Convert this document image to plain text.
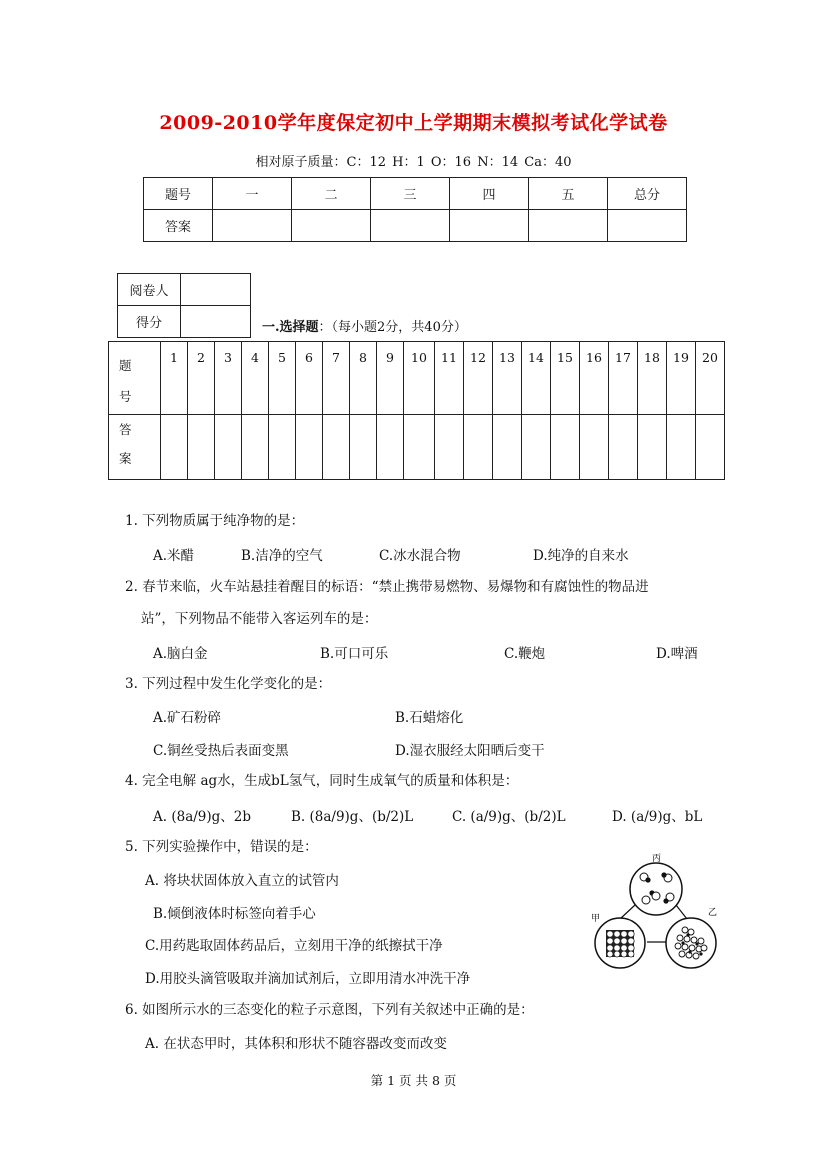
2009-2010学年度保定初中上学期期末模拟考试化学试卷
相对原子质量：C：12 H：1 O：16 N：14 Ca：40
题号	一	二	三	四	五	总分
答案						
阅卷人	
得分		一.选择题：（每小题2分，共40分）
题
号	1	2	3	4	5	6	7	8	9	10	11	12	13	14	15	16	17	18	19	20
答
案																				
1. 下列物质属于纯净物的是：
A.米醋	B.洁净的空气	C.冰水混合物	D.纯净的自来水
2. 春节来临，火车站悬挂着醒目的标语：“禁止携带易燃物、易爆物和有腐蚀性的物品进
站”，下列物品不能带入客运列车的是：
A.脑白金	B.可口可乐	C.鞭炮	D.啤酒
3. 下列过程中发生化学变化的是：
A.矿石粉碎	B.石蜡熔化
C.铜丝受热后表面变黑	D.湿衣服经太阳晒后变干
4. 完全电解 ag水，生成bL氢气，同时生成氧气的质量和体积是：
A. (8a/9)g、2b	B. (8a/9)g、(b/2)L	C. (a/9)g、(b/2)L	D. (a/9)g、bL
5. 下列实验操作中，错误的是：
A. 将块状固体放入直立的试管内
B.倾倒液体时标签向着手心
C.用药匙取固体药品后，立刻用干净的纸擦拭干净
D.用胶头滴管吸取并滴加试剂后，立即用清水冲洗干净
6. 如图所示水的三态变化的粒子示意图，下列有关叙述中正确的是：
A. 在状态甲时，其体积和形状不随容器改变而改变
丙
甲
乙
第 1 页 共 8 页
